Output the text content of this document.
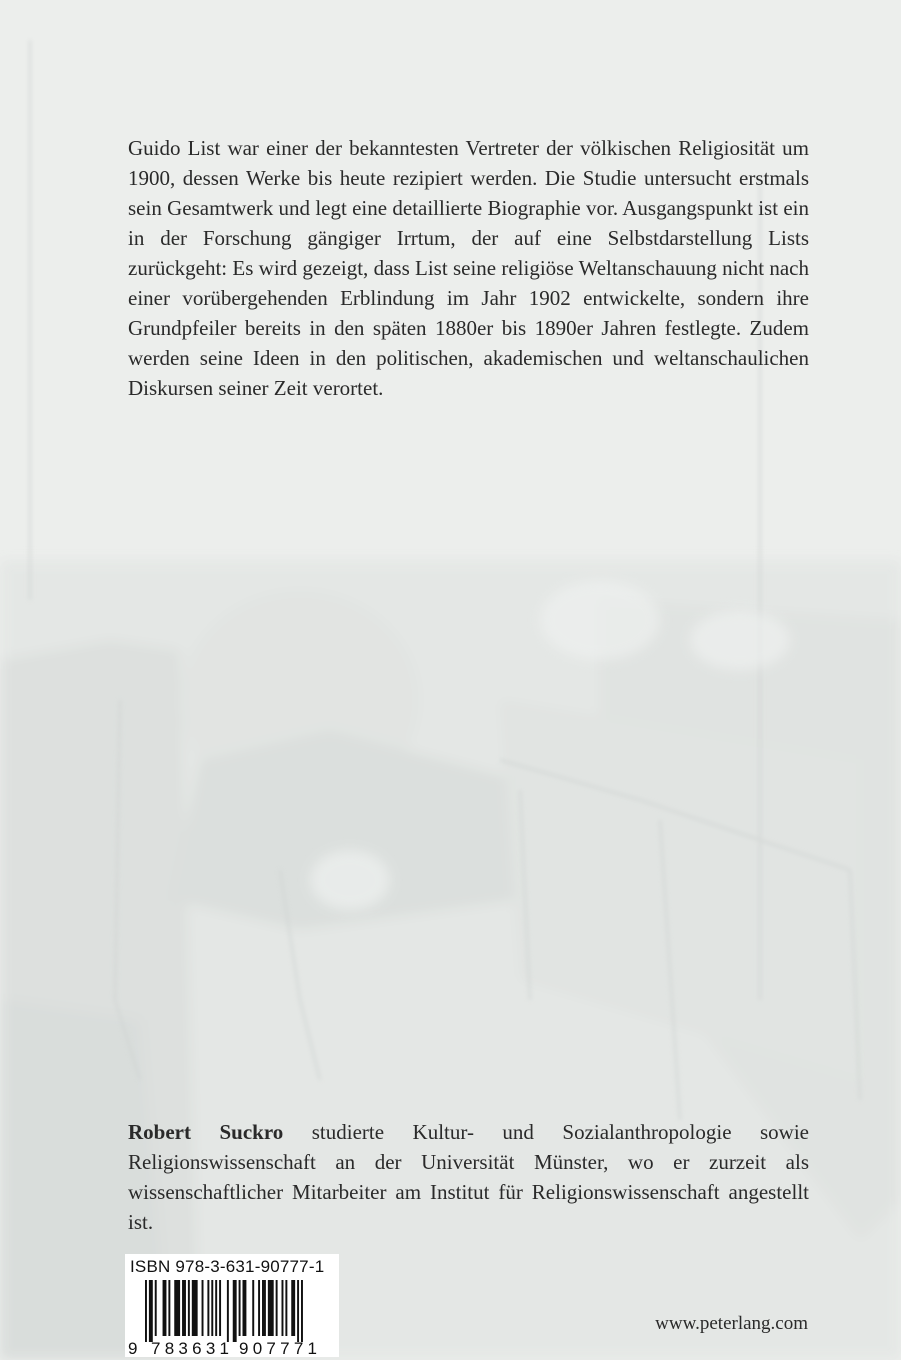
Guido List war einer der bekanntesten Vertreter der völkischen Religiosität um 1900, dessen Werke bis heute rezipiert werden. Die Studie untersucht erstmals sein Gesamtwerk und legt eine detaillierte Biographie vor. Ausgangspunkt ist ein in der Forschung gängiger Irrtum, der auf eine Selbstdarstellung Lists zurückgeht: Es wird gezeigt, dass List seine religiöse Weltanschauung nicht nach einer vorübergehenden Erblindung im Jahr 1902 entwickelte, sondern ihre Grundpfeiler bereits in den späten 1880er bis 1890er Jahren festlegte. Zudem werden seine Ideen in den politischen, akademischen und weltanschaulichen Diskursen seiner Zeit verortet.

Robert Suckro studierte Kultur- und Sozialanthropologie sowie Religionswissenschaft an der Universität Münster, wo er zurzeit als wissenschaftlicher Mitarbeiter am Institut für Religionswissenschaft angestellt ist.

ISBN 978-3-631-90777-1
9 783631 907771
www.peterlang.com
